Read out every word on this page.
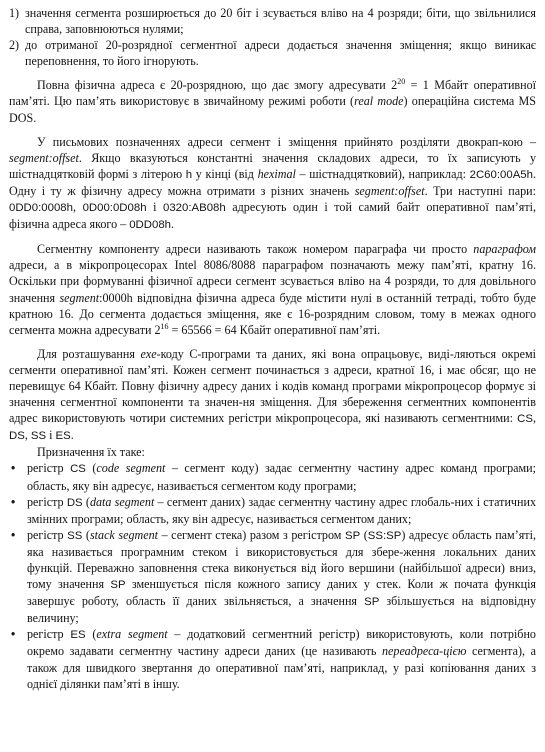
1) значення сегмента розширюється до 20 біт і зсувається вліво на 4 розряди; біти, що звільнилися справа, заповнюються нулями;

2) до отриманої 20-розрядної сегментної адреси додається значення зміщення; якщо виникає переповнення, то його ігнорують.

Повна фізична адреса є 20-розрядною, що дає змогу адресувати $2^{20} = 1$ Мбайт оперативної пам’яті. Цю пам’ять використовує в звичайному режимі роботи (real mode) операційна система MS DOS.

У письмових позначеннях адреси сегмент і зміщення прийнято розділяти двокрап-кою – segment:offset. Якщо вказуються константні значення складових адреси, то їх записують у шістнадцятковій формі з літерою h у кінці (від heximal – шістнадцятковий), наприклад: 2C60:00A5h. Одну і ту ж фізичну адресу можна отримати з різних значень segment:offset. Три наступні пари: 0DD0:0008h, 0D00:0D08h і 0320:AB08h адресують один і той самий байт оперативної пам’яті, фізична адреса якого – 0DD08h.

Сегментну компоненту адреси називають також номером параграфа чи просто параграфом адреси, а в мікропроцесорах Intel 8086/8088 параграфом позначають межу пам’яті, кратну 16. Оскільки при формуванні фізичної адреси сегмент зсувається вліво на 4 розряди, то для довільного значення segment:0000h відповідна фізична адреса буде містити нулі в останній тетраді, тобто буде кратною 16. До сегмента додається зміщення, яке є 16-розрядним словом, тому в межах одного сегмента можна адресувати $2^{16} = 65566 = 64$ Кбайт оперативної пам’яті.

Для розташування exe-коду С-програми та даних, які вона опрацьовує, виді-ляються окремі сегменти оперативної пам’яті. Кожен сегмент починається з адреси, кратної 16, і має обсяг, що не перевищує 64 Кбайт. Повну фізичну адресу даних і кодів команд програми мікропроцесор формує зі значення сегментної компоненти та значен-ня зміщення. Для збереження сегментних компонентів адрес використовують чотири системних регістри мікропроцесора, які називають сегментними: CS, DS, SS і ES.

Призначення їх таке:

• регістр CS (code segment – сегмент коду) задає сегментну частину адрес команд програми; область, яку він адресує, називається сегментом коду програми;
• регістр DS (data segment – сегмент даних) задає сегментну частину адрес глобаль-них і статичних змінних програми; область, яку він адресує, називається сегментом даних;
• регістр SS (stack segment – сегмент стека) разом з регістром SP (SS:SP) адресує область пам’яті, яка називається програмним стеком і використовується для збере-ження локальних даних функцій. Переважно заповнення стека виконується від його вершини (найбільшої адреси) вниз, тому значення SP зменшується після кожного запису даних у стек. Коли ж почата функція завершує роботу, область її даних звільняється, а значення SP збільшується на відповідну величину;
• регістр ES (extra segment – додатковий сегментний регістр) використовують, коли потрібно окремо задавати сегментну частину адреси даних (це називають переадреса-цією сегмента), а також для швидкого звертання до оперативної пам’яті, наприклад, у разі копіювання даних з однієї ділянки пам’яті в іншу.
